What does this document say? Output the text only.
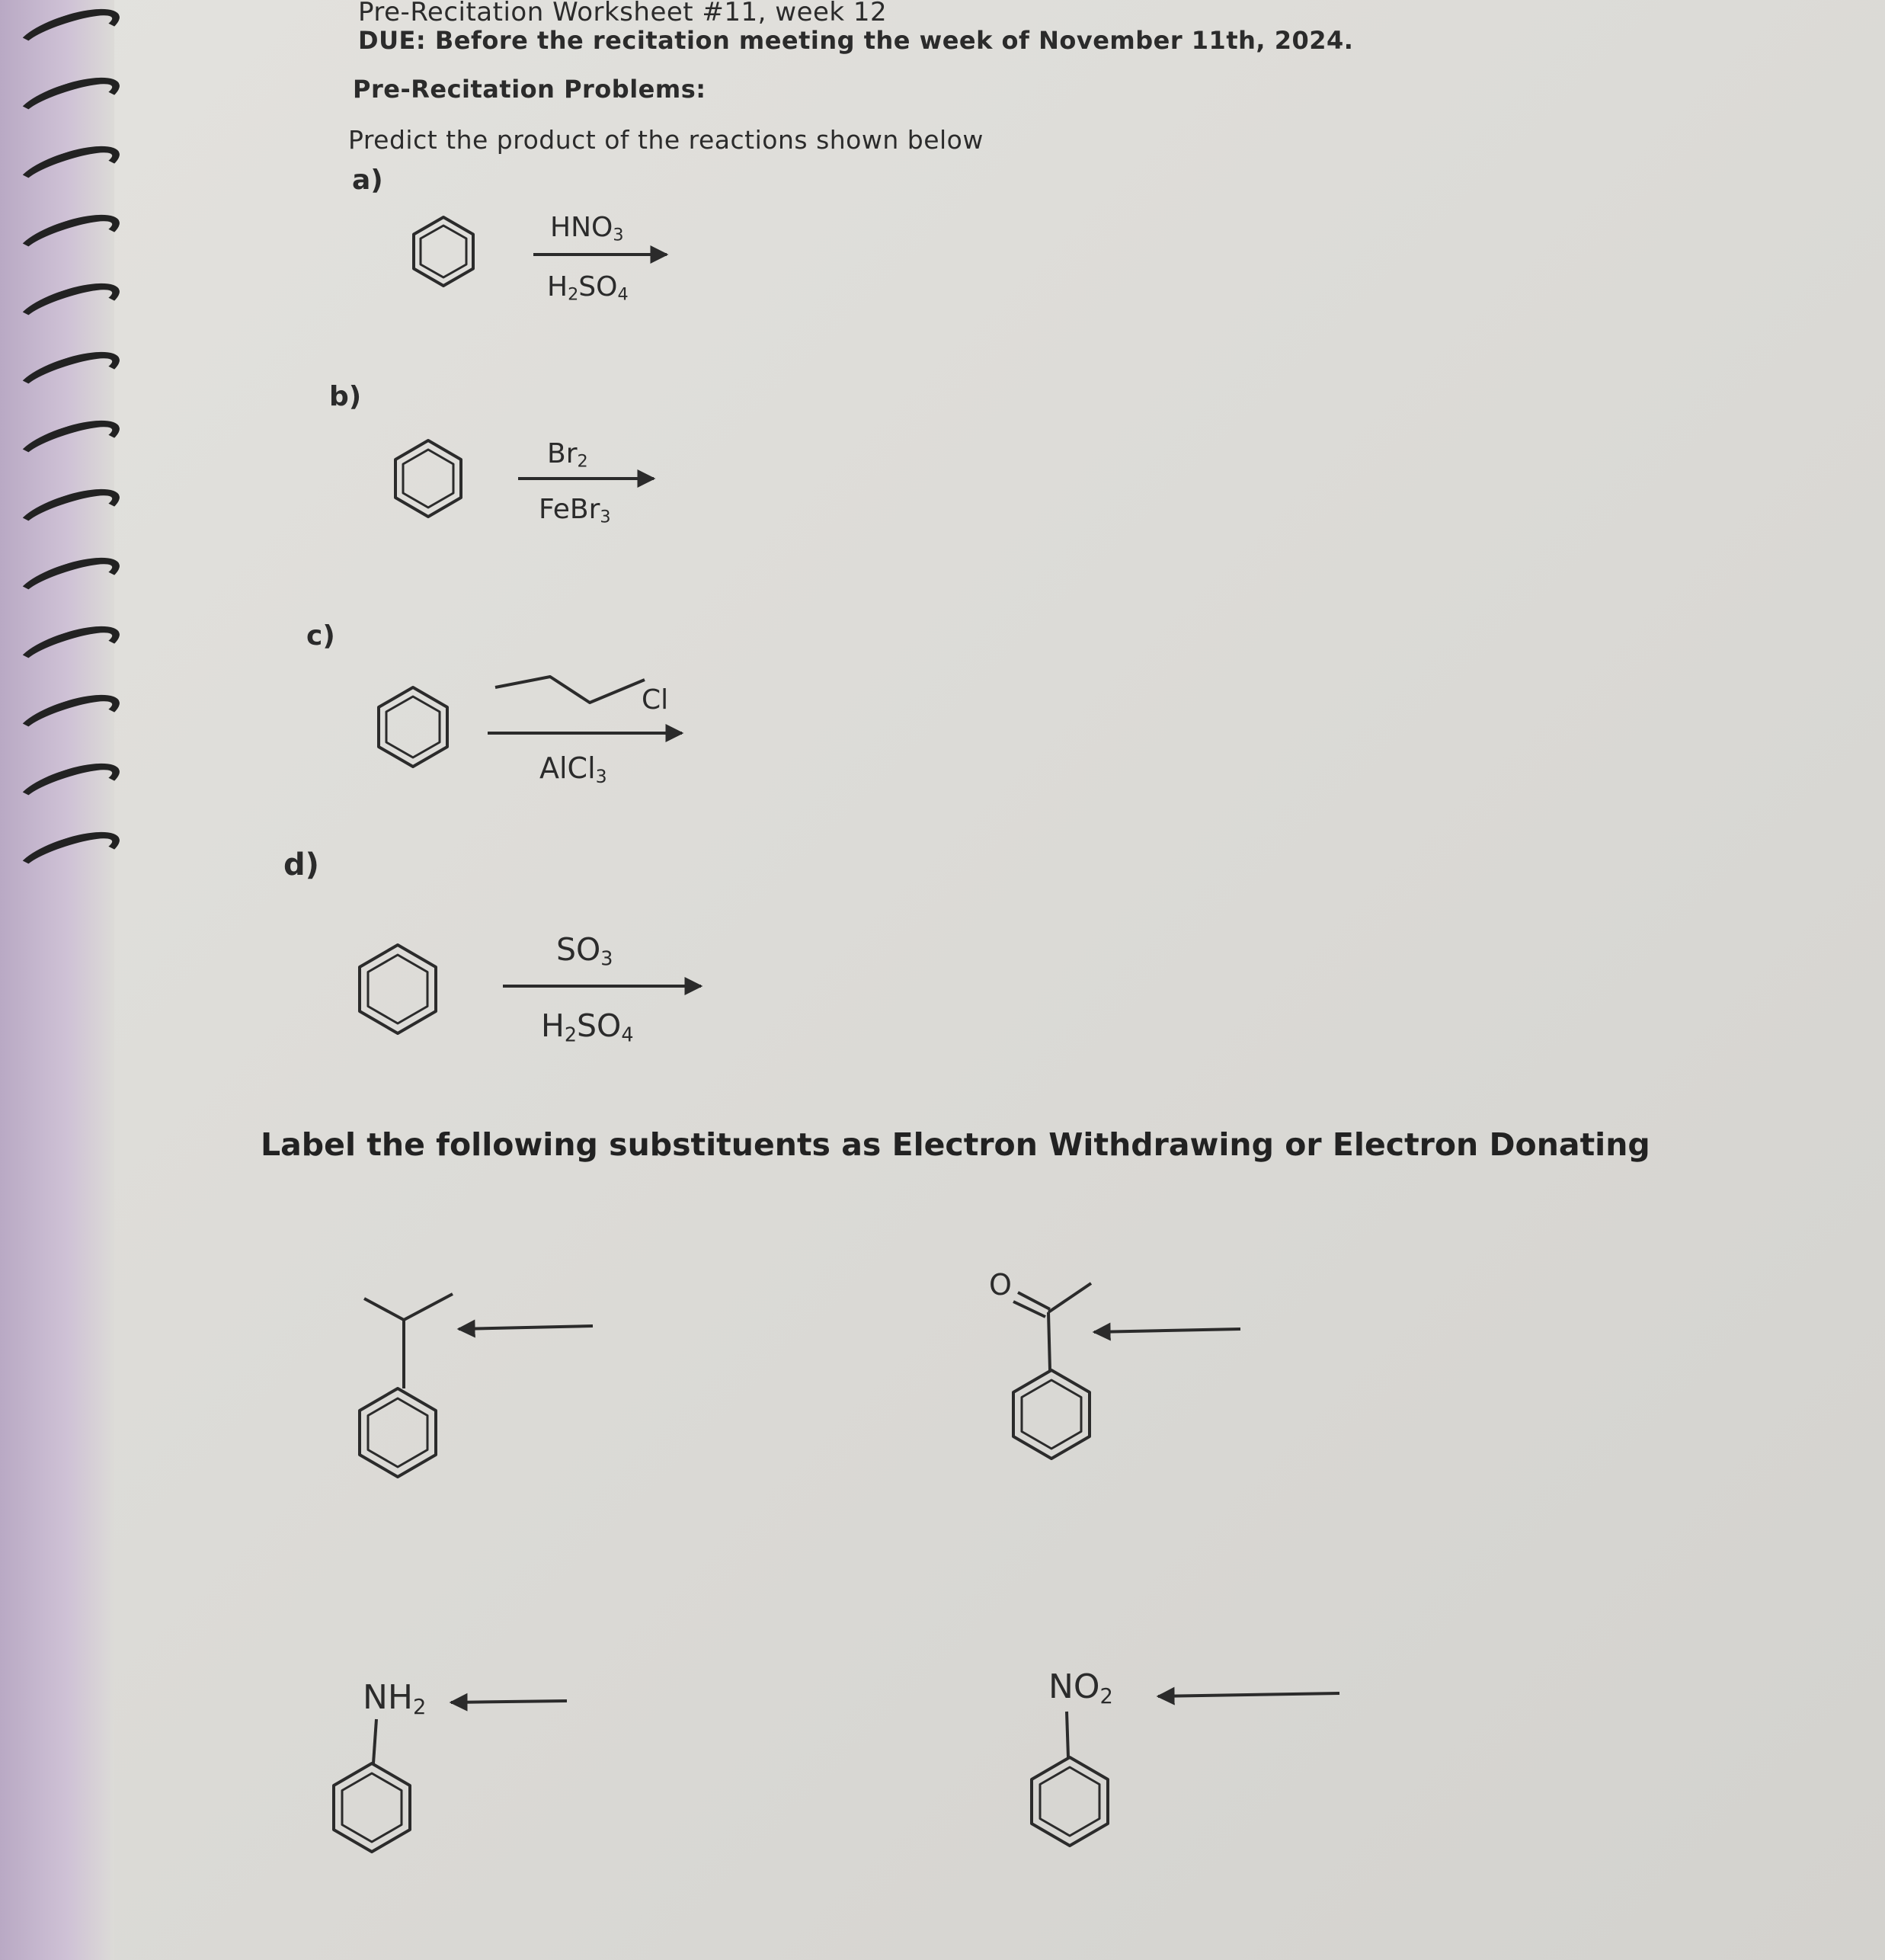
Pre-Recitation Worksheet #11, week 12
DUE: Before the recitation meeting the week of November 11th, 2024.
Pre-Recitation Problems:
Predict the product of the reactions shown below
a)
b)
c)
d)
$HNO_3$
$H_2SO_4$
$Br_2$
FeBr$_3$
Cl
AlCl$_3$
$SO_3$
$H_2SO_4$
Label the following substituents as Electron Withdrawing or Electron Donating
O
$NH_2$
$NO_2$
